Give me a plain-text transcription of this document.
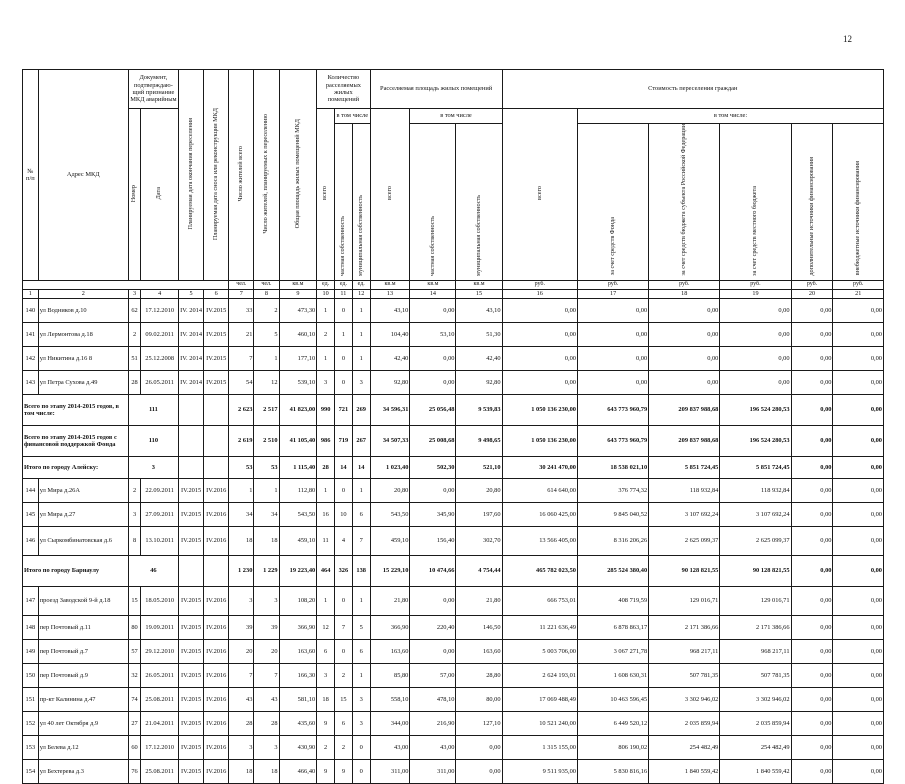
12
№ п/п	Адрес МКД	Документ, подтверждаю-щий признание МКД аварийным		Планируемая дата окончания переселения	Планируемая дата сноса или реконструкции МКД	Число жителей всего	Число жителей, планируемых к переселению	Общая площадь жилых помещений МКД	Количество расселяемых жилых помещений			Расселяемая площадь жилых помещений			Стоимость переселения граждан					
		Номер	Дата						всего	в том числе		всего	в том числе		всего	в том числе:				
										частная собственность	муниципальная собственность		частная собственность	муниципальная собственность		за счет средств Фонда	за счет средств бюджета субъекта Российской Федерации	за счет средств местного бюджета	дополнительные источники финансирования	внебюджетные источники финансирования
						чел.	чел.	кв.м	ед.	ед.	ед.	кв.м	кв.м	кв.м	руб.	руб.	руб.	руб.	руб.	руб.
1	2	3	4	5	6	7	8	9	10	11	12	13	14	15	16	17	18	19	20	21
140	ул Водников д.10	62	17.12.2010	IV. 2014	IV.2015	33	2	473,30	1	0	1	43,10	0,00	43,10	0,00	0,00	0,00	0,00	0,00	0,00
141	ул Лермонтова д.18	2	09.02.2011	IV. 2014	IV.2015	21	5	460,10	2	1	1	104,40	53,10	51,30	0,00	0,00	0,00	0,00	0,00	0,00
142	ул Никитина д.16 8	51	25.12.2008	IV. 2014	IV.2015	7	1	177,10	1	0	1	42,40	0,00	42,40	0,00	0,00	0,00	0,00	0,00	0,00
143	ул Петра Сухова д.49	28	26.05.2011	IV. 2014	IV.2015	54	12	539,10	3	0	3	92,80	0,00	92,80	0,00	0,00	0,00	0,00	0,00	0,00
Всего по этапу 2014-2015 годов, в том числе:		111				2 623	2 517	41 823,00	990	721	269	34 596,31	25 056,48	9 539,83	1 050 136 230,00	643 773 960,79	209 837 988,68	196 524 280,53	0,00	0,00
Всего по этапу 2014-2015 годов с финансовой поддержкой Фонда		110				2 619	2 510	41 105,40	986	719	267	34 507,33	25 008,68	9 498,65	1 050 136 230,00	643 773 960,79	209 837 988,68	196 524 280,53	0,00	0,00
Итого по городу Алейску:		3				53	53	1 115,40	28	14	14	1 023,40	502,30	521,10	30 241 470,00	18 538 021,10	5 851 724,45	5 851 724,45	0,00	0,00
144	ул Мира д.26А	2	22.09.2011	IV.2015	IV.2016	1	1	112,80	1	0	1	20,80	0,00	20,80	614 640,00	376 774,32	118 932,84	118 932,84	0,00	0,00
145	ул Мира д.27	3	27.09.2011	IV.2015	IV.2016	34	34	543,50	16	10	6	543,50	345,90	197,60	16 060 425,00	9 845 040,52	3 107 692,24	3 107 692,24	0,00	0,00
146	ул Сыркомбинатовская д.6	8	13.10.2011	IV.2015	IV.2016	18	18	459,10	11	4	7	459,10	156,40	302,70	13 566 405,00	8 316 206,26	2 625 099,37	2 625 099,37	0,00	0,00
Итого по городу Барнаулу		46				1 230	1 229	19 223,40	464	326	138	15 229,10	10 474,66	4 754,44	465 782 023,50	285 524 380,40	90 128 821,55	90 128 821,55	0,00	0,00
147	проезд Заводской 9-й д.18	15	18.05.2010	IV.2015	IV.2016	3	3	108,20	1	0	1	21,80	0,00	21,80	666 753,01	408 719,59	129 016,71	129 016,71	0,00	0,00
148	пер Почтовый д.11	80	19.09.2011	IV.2015	IV.2016	39	39	366,90	12	7	5	366,90	220,40	146,50	11 221 636,49	6 878 863,17	2 171 386,66	2 171 386,66	0,00	0,00
149	пер Почтовый д.7	57	29.12.2010	IV.2015	IV.2016	20	20	163,60	6	0	6	163,60	0,00	163,60	5 003 706,00	3 067 271,78	968 217,11	968 217,11	0,00	0,00
150	пер Почтовый д.9	32	26.05.2011	IV.2015	IV.2016	7	7	166,30	3	2	1	85,80	57,00	28,80	2 624 193,01	1 608 630,31	507 781,35	507 781,35	0,00	0,00
151	пр-кт Калинина д.47	74	25.08.2011	IV.2015	IV.2016	43	43	581,10	18	15	3	558,10	478,10	80,00	17 069 488,49	10 463 596,45	3 302 946,02	3 302 946,02	0,00	0,00
152	ул 40 лет Октября д.9	27	21.04.2011	IV.2015	IV.2016	28	28	435,60	9	6	3	344,00	216,90	127,10	10 521 240,00	6 449 520,12	2 035 859,94	2 035 859,94	0,00	0,00
153	ул Белева д.12	60	17.12.2010	IV.2015	IV.2016	3	3	430,90	2	2	0	43,00	43,00	0,00	1 315 155,00	806 190,02	254 482,49	254 482,49	0,00	0,00
154	ул Бехтерева д.3	76	25.08.2011	IV.2015	IV.2016	18	18	466,40	9	9	0	311,00	311,00	0,00	9 511 935,00	5 830 816,16	1 840 559,42	1 840 559,42	0,00	0,00
